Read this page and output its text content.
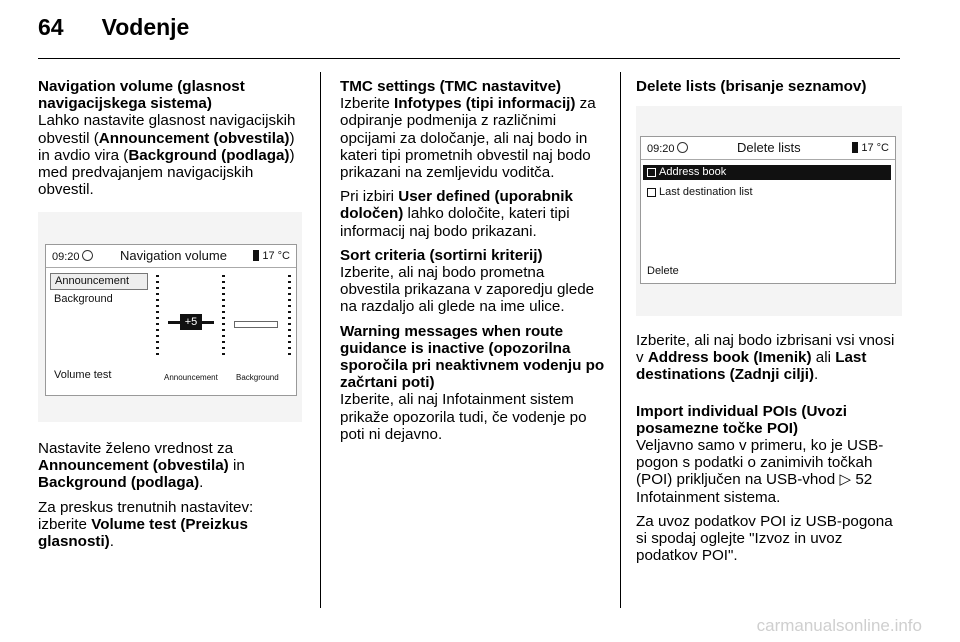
64 Vodenje

Navigation volume (glasnost navigacijskega sistema)

Lahko nastavite glasnost navigacijskih obvestil (Announcement (obvestila)) in avdio vira (Background (podlaga)) med predvajanjem navigacijskih obvestil.

09:20	Navigation volume	17 °C
Announcement
Background
Volume test
+5
Announcement Background

Nastavite želeno vrednost za Announcement (obvestila) in Background (podlaga).

Za preskus trenutnih nastavitev: izberite Volume test (Preizkus glasnosti).

TMC settings (TMC nastavitve)

Izberite Infotypes (tipi informacij) za odpiranje podmenija z različnimi opcijami za določanje, ali naj bodo in kateri tipi prometnih obvestil naj bodo prikazani na zemljevidu voditča.

Pri izbiri User defined (uporabnik določen) lahko določite, kateri tipi informacij naj bodo prikazani.

Sort criteria (sortirni kriterij)

Izberite, ali naj bodo prometna obvestila prikazana v zaporedju glede na razdaljo ali glede na ime ulice.

Warning messages when route guidance is inactive (opozorilna sporočila pri neaktivnem vodenju po začrtani poti)

Izberite, ali naj Infotainment sistem prikaže opozorila tudi, če vodenje po poti ni dejavno.

Delete lists (brisanje seznamov)

09:20	Delete lists	17 °C
Address book
Last destination list
Delete

Izberite, ali naj bodo izbrisani vsi vnosi v Address book (Imenik) ali Last destinations (Zadnji cilji).

Import individual POIs (Uvozi posamezne točke POI)

Veljavno samo v primeru, ko je USB-pogon s podatki o zanimivih točkah (POI) priključen na USB-vhod ▷ 52 Infotainment sistema.

Za uvoz podatkov POI iz USB-pogona si spodaj oglejte "Izvoz in uvoz podatkov POI".

carmanualsonline.info
